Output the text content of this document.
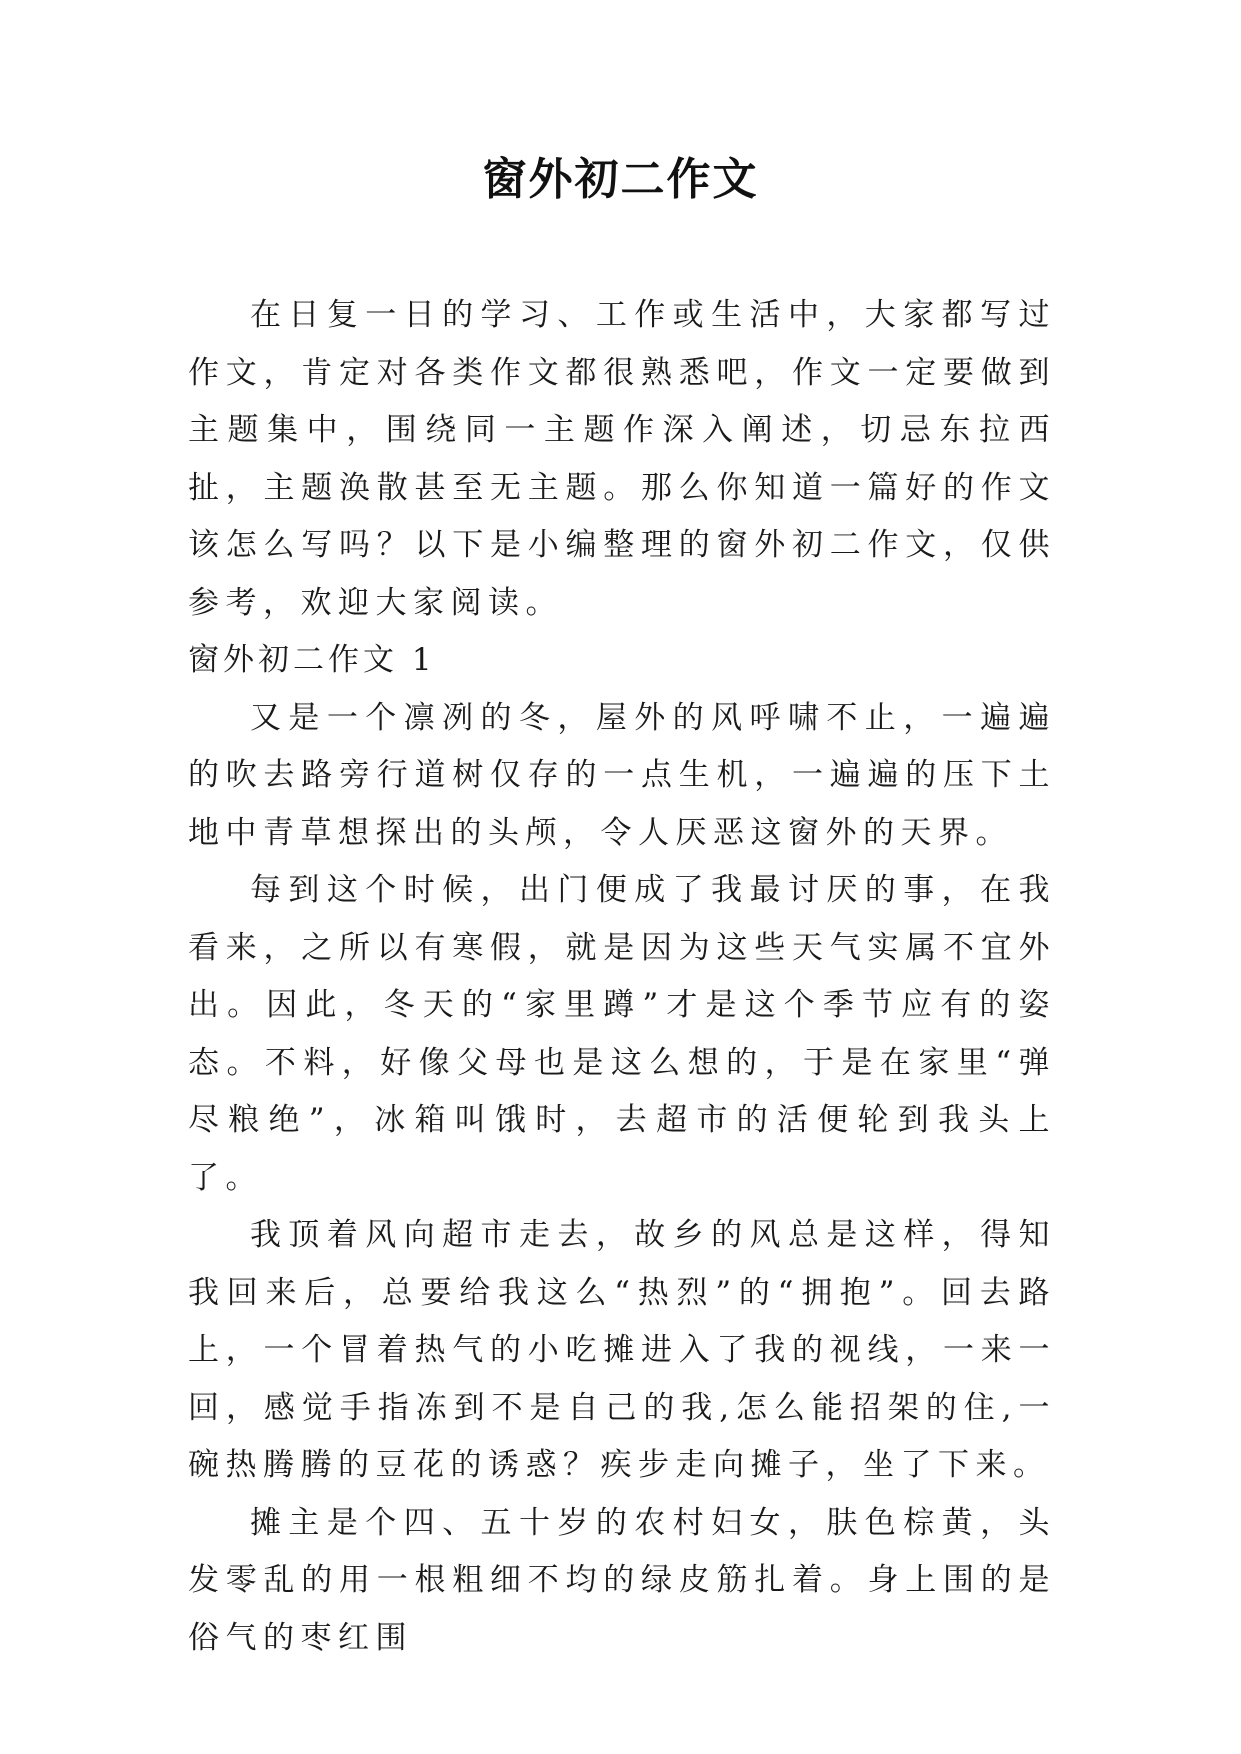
窗外初二作文

在日复一日的学习、工作或生活中，大家都写过作文，肯定对各类作文都很熟悉吧，作文一定要做到主题集中，围绕同一主题作深入阐述，切忌东拉西扯，主题涣散甚至无主题。那么你知道一篇好的作文该怎么写吗？以下是小编整理的窗外初二作文，仅供参考，欢迎大家阅读。

窗外初二作文 1

又是一个凛冽的冬，屋外的风呼啸不止，一遍遍的吹去路旁行道树仅存的一点生机，一遍遍的压下土地中青草想探出的头颅，令人厌恶这窗外的天界。

每到这个时候，出门便成了我最讨厌的事，在我看来，之所以有寒假，就是因为这些天气实属不宜外出。因此，冬天的“家里蹲”才是这个季节应有的姿态。不料，好像父母也是这么想的，于是在家里“弹尽粮绝”，冰箱叫饿时，去超市的活便轮到我头上了。

我顶着风向超市走去，故乡的风总是这样，得知我回来后，总要给我这么“热烈”的“拥抱”。回去路上，一个冒着热气的小吃摊进入了我的视线，一来一回，感觉手指冻到不是自己的我,怎么能招架的住,一碗热腾腾的豆花的诱惑？疾步走向摊子，坐了下来。

摊主是个四、五十岁的农村妇女，肤色棕黄，头发零乱的用一根粗细不均的绿皮筋扎着。身上围的是俗气的枣红围
